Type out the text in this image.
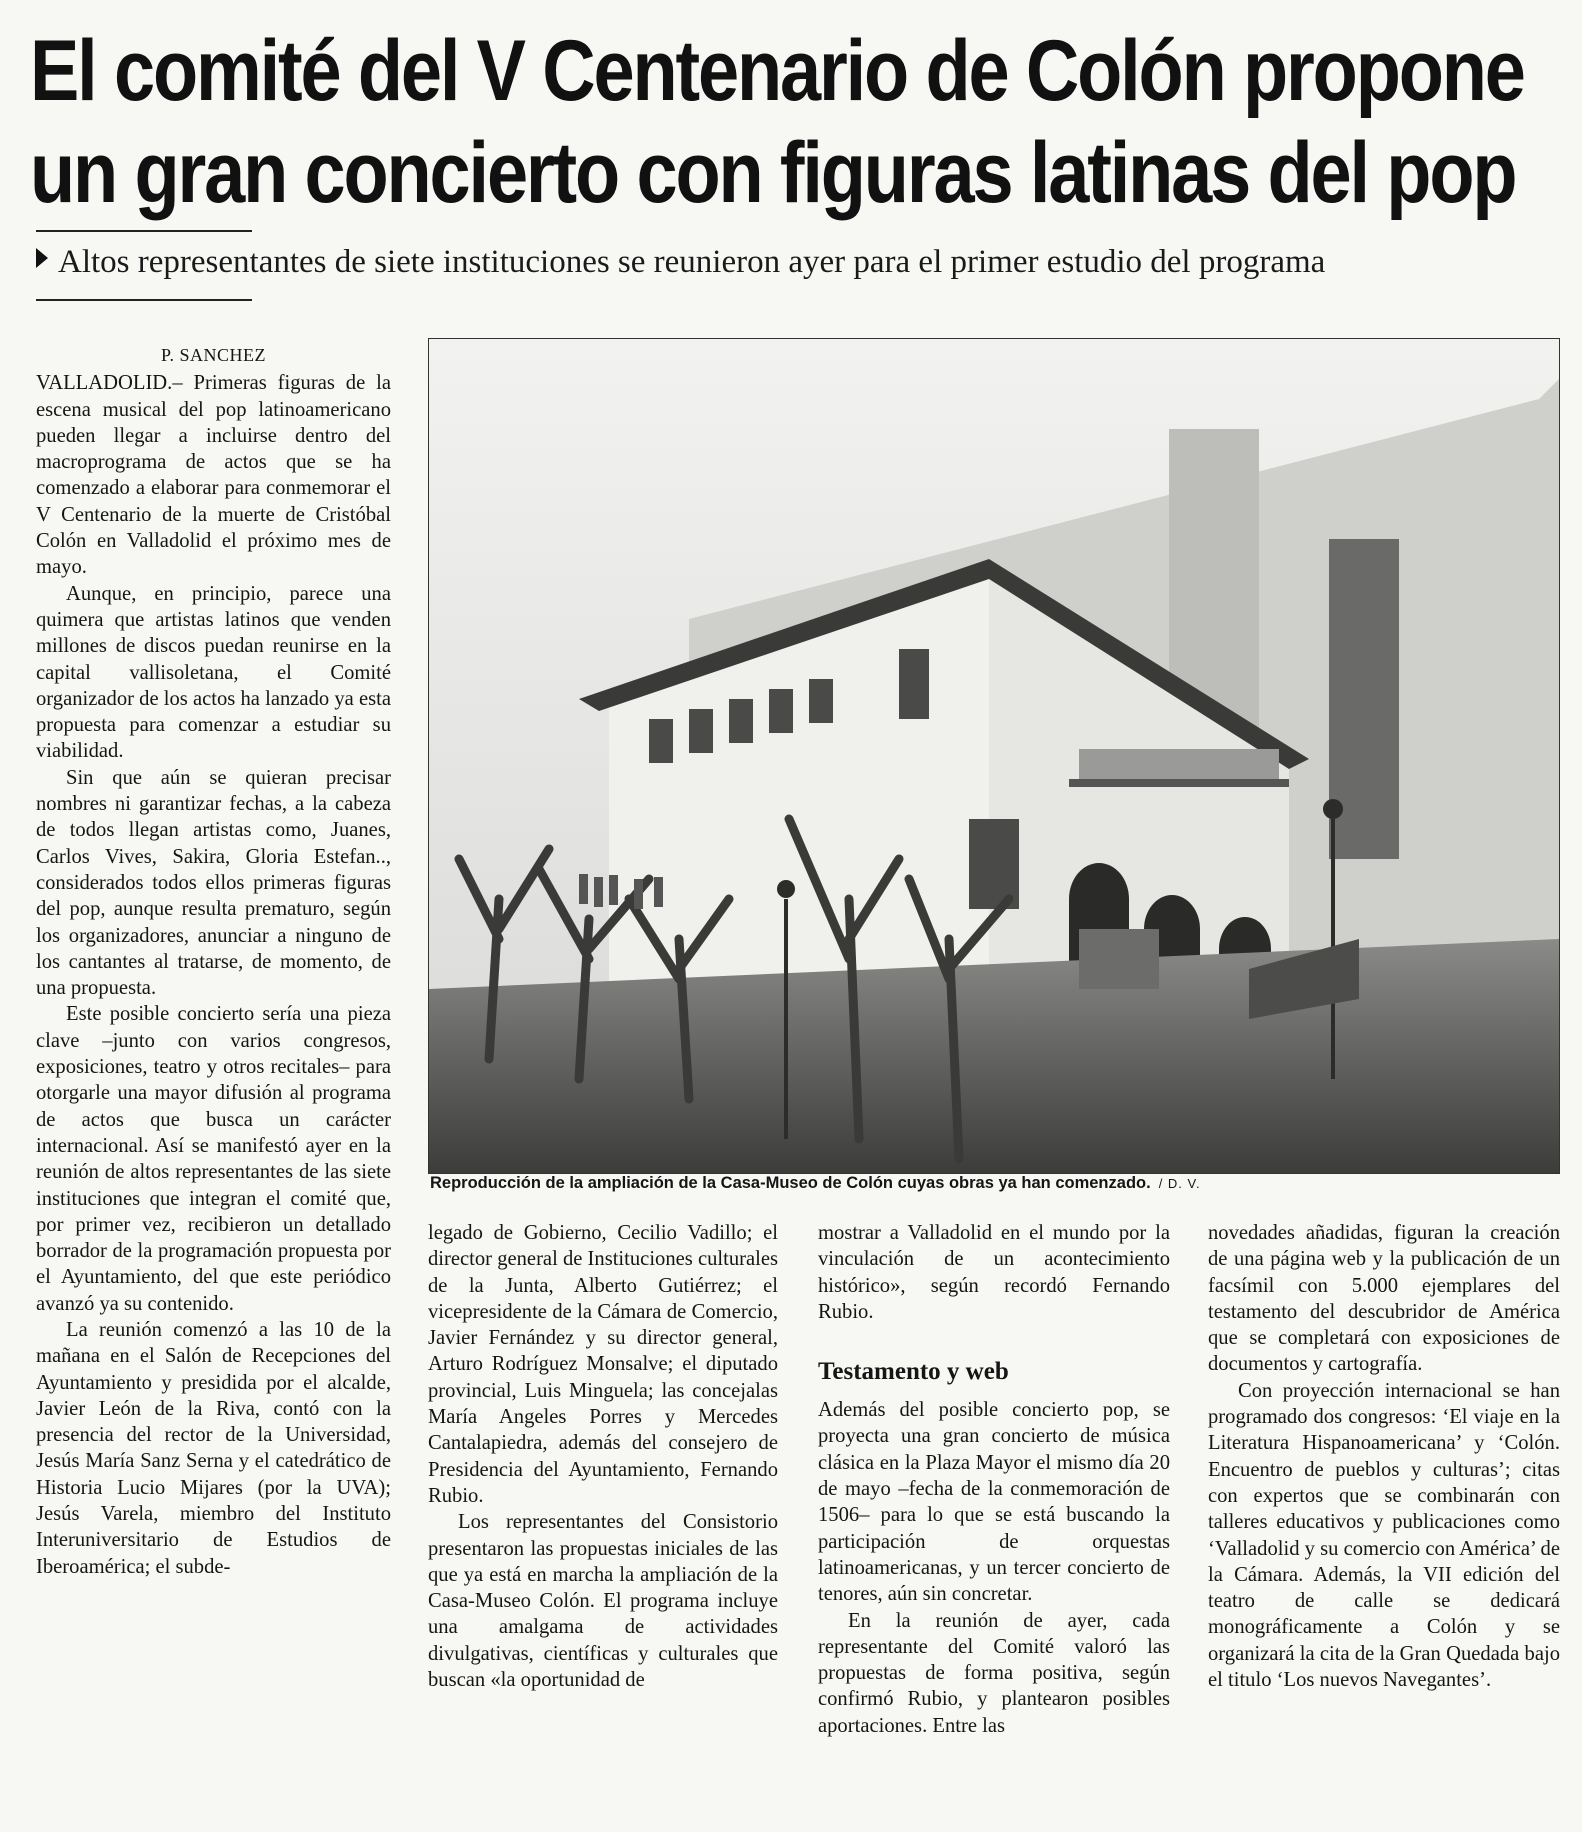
El comité del V Centenario de Colón propone
un gran concierto con figuras latinas del pop
Altos representantes de siete instituciones se reunieron ayer para el primer estudio del programa

P. SANCHEZ

VALLADOLID.– Primeras figuras de la escena musical del pop latinoamericano pueden llegar a incluirse dentro del macroprograma de actos que se ha comenzado a elaborar para conmemorar el V Centenario de la muerte de Cristóbal Colón en Valladolid el próximo mes de mayo.

Aunque, en principio, parece una quimera que artistas latinos que venden millones de discos puedan reunirse en la capital vallisoletana, el Comité organizador de los actos ha lanzado ya esta propuesta para comenzar a estudiar su viabilidad.

Sin que aún se quieran precisar nombres ni garantizar fechas, a la cabeza de todos llegan artistas como, Juanes, Carlos Vives, Sakira, Gloria Estefan.., considerados todos ellos primeras figuras del pop, aunque resulta prematuro, según los organizadores, anunciar a ninguno de los cantantes al tratarse, de momento, de una propuesta.

Este posible concierto sería una pieza clave –junto con varios congresos, exposiciones, teatro y otros recitales– para otorgarle una mayor difusión al programa de actos que busca un carácter internacional. Así se manifestó ayer en la reunión de altos representantes de las siete instituciones que integran el comité que, por primer vez, recibieron un detallado borrador de la programación propuesta por el Ayuntamiento, del que este periódico avanzó ya su contenido.

La reunión comenzó a las 10 de la mañana en el Salón de Recepciones del Ayuntamiento y presidida por el alcalde, Javier León de la Riva, contó con la presencia del rector de la Universidad, Jesús María Sanz Serna y el catedrático de Historia Lucio Mijares (por la UVA); Jesús Varela, miembro del Instituto Interuniversitario de Estudios de Iberoamérica; el subde-

Reproducción de la ampliación de la Casa-Museo de Colón cuyas obras ya han comenzado. / D. V.

legado de Gobierno, Cecilio Vadillo; el director general de Instituciones culturales de la Junta, Alberto Gutiérrez; el vicepresidente de la Cámara de Comercio, Javier Fernández y su director general, Arturo Rodríguez Monsalve; el diputado provincial, Luis Minguela; las concejalas María Angeles Porres y Mercedes Cantalapiedra, además del consejero de Presidencia del Ayuntamiento, Fernando Rubio.

Los representantes del Consistorio presentaron las propuestas iniciales de las que ya está en marcha la ampliación de la Casa-Museo Colón. El programa incluye una amalgama de actividades divulgativas, científicas y culturales que buscan «la oportunidad de

mostrar a Valladolid en el mundo por la vinculación de un acontecimiento histórico», según recordó Fernando Rubio.

Testamento y web

Además del posible concierto pop, se proyecta una gran concierto de música clásica en la Plaza Mayor el mismo día 20 de mayo –fecha de la conmemoración de 1506– para lo que se está buscando la participación de orquestas latinoamericanas, y un tercer concierto de tenores, aún sin concretar.

En la reunión de ayer, cada representante del Comité valoró las propuestas de forma positiva, según confirmó Rubio, y plantearon posibles aportaciones. Entre las

novedades añadidas, figuran la creación de una página web y la publicación de un facsímil con 5.000 ejemplares del testamento del descubridor de América que se completará con exposiciones de documentos y cartografía.

Con proyección internacional se han programado dos congresos: ‘El viaje en la Literatura Hispanoamericana’ y ‘Colón. Encuentro de pueblos y culturas’; citas con expertos que se combinarán con talleres educativos y publicaciones como ‘Valladolid y su comercio con América’ de la Cámara. Además, la VII edición del teatro de calle se dedicará monográficamente a Colón y se organizará la cita de la Gran Quedada bajo el titulo ‘Los nuevos Navegantes’.
